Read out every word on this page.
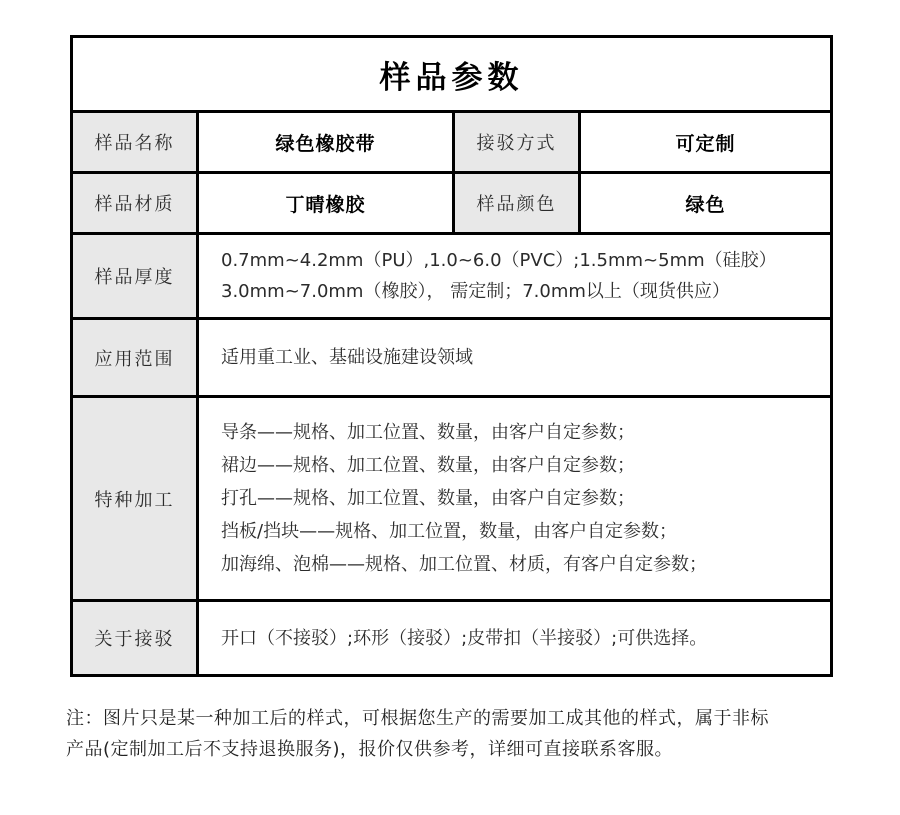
样品参数			
样品名称	绿色橡胶带	接驳方式	可定制
样品材质	丁晴橡胶	样品颜色	绿色
样品厚度	0.7mm~4.2mm（PU）,1.0~6.0（PVC）;1.5mm~5mm（硅胶）
3.0mm~7.0mm（橡胶）， 需定制；7.0mm以上（现货供应）		

应用范围	适用重工业、基础设施建设领域		

特种加工	导条——规格、加工位置、数量，由客户自定参数；
裙边——规格、加工位置、数量，由客户自定参数；
打孔——规格、加工位置、数量，由客户自定参数；
挡板/挡块——规格、加工位置，数量，由客户自定参数；
加海绵、泡棉——规格、加工位置、材质，有客户自定参数；		

关于接驳	开口（不接驳）;环形（接驳）;皮带扣（半接驳）;可供选择。		
注：图片只是某一种加工后的样式，可根据您生产的需要加工成其他的样式，属于非标
产品(定制加工后不支持退换服务)，报价仅供参考，详细可直接联系客服。
